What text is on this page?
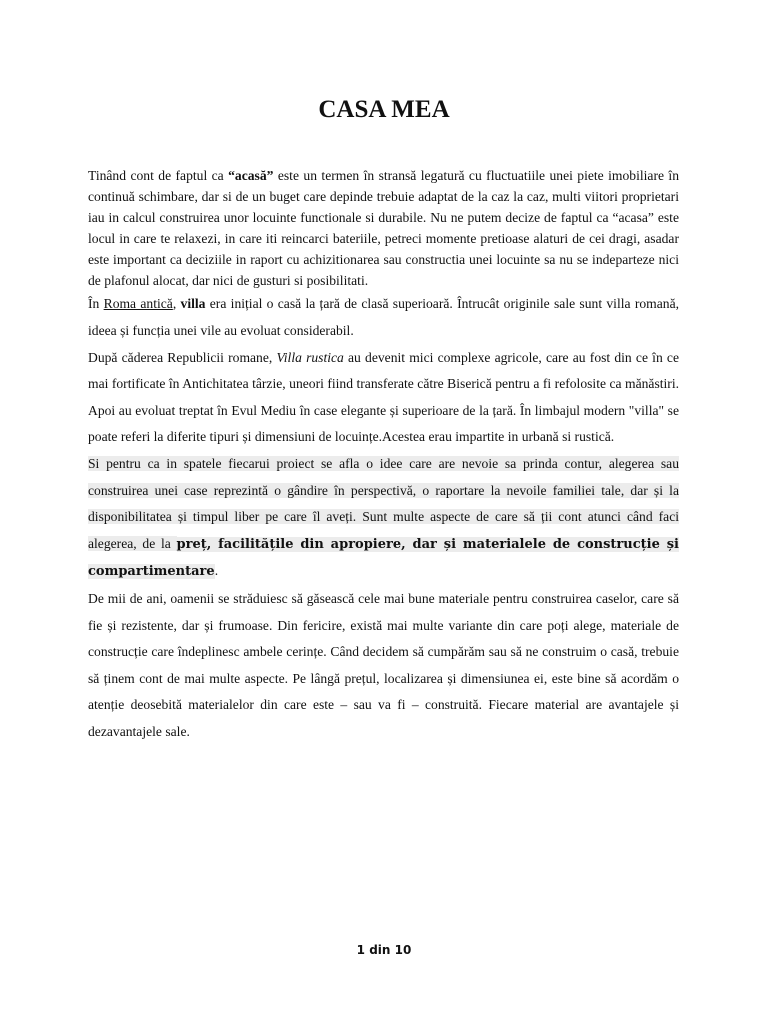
CASA MEA

Tinând cont de faptul ca “acasă” este un termen în stransă legatură cu fluctuatiile unei piete imobiliare în continuă schimbare, dar si de un buget care depinde trebuie adaptat de la caz la caz, multi viitori proprietari iau in calcul construirea unor locuinte functionale si durabile. Nu ne putem decize de faptul ca “acasa” este locul in care te relaxezi, in care iti reincarci bateriile, petreci momente pretioase alaturi de cei dragi, asadar este important ca deciziile in raport cu achizitionarea sau constructia unei locuinte sa nu se indeparteze nici de plafonul alocat, dar nici de gusturi si posibilitati.

În Roma antică, villa era inițial o casă la țară de clasă superioară. Întrucât originile sale sunt villa romană, ideea și funcția unei vile au evoluat considerabil.

După căderea Republicii romane, Villa rustica au devenit mici complexe agricole, care au fost din ce în ce mai fortificate în Antichitatea târzie, uneori fiind transferate către Biserică pentru a fi refolosite ca mănăstiri. Apoi au evoluat treptat în Evul Mediu în case elegante și superioare de la țară. În limbajul modern "villa" se poate referi la diferite tipuri și dimensiuni de locuințe.Acestea erau impartite in urbană si rustică.

Si pentru ca in spatele fiecarui proiect se afla o idee care are nevoie sa prinda contur, alegerea sau construirea unei case reprezintă o gândire în perspectivă, o raportare la nevoile familiei tale, dar și la disponibilitatea și timpul liber pe care îl aveți. Sunt multe aspecte de care să ții cont atunci când faci alegerea, de la preț, facilitățile din apropiere, dar și materialele de construcție și compartimentare.

De mii de ani, oamenii se străduiesc să găsească cele mai bune materiale pentru construirea caselor, care să fie și rezistente, dar și frumoase. Din fericire, există mai multe variante din care poți alege, materiale de construcție care îndeplinesc ambele cerințe. Când decidem să cumpărăm sau să ne construim o casă, trebuie să ținem cont de mai multe aspecte. Pe lângă prețul, localizarea și dimensiunea ei, este bine să acordăm o atenție deosebită materialelor din care este – sau va fi – construită. Fiecare material are avantajele și dezavantajele sale.

1 din 10
